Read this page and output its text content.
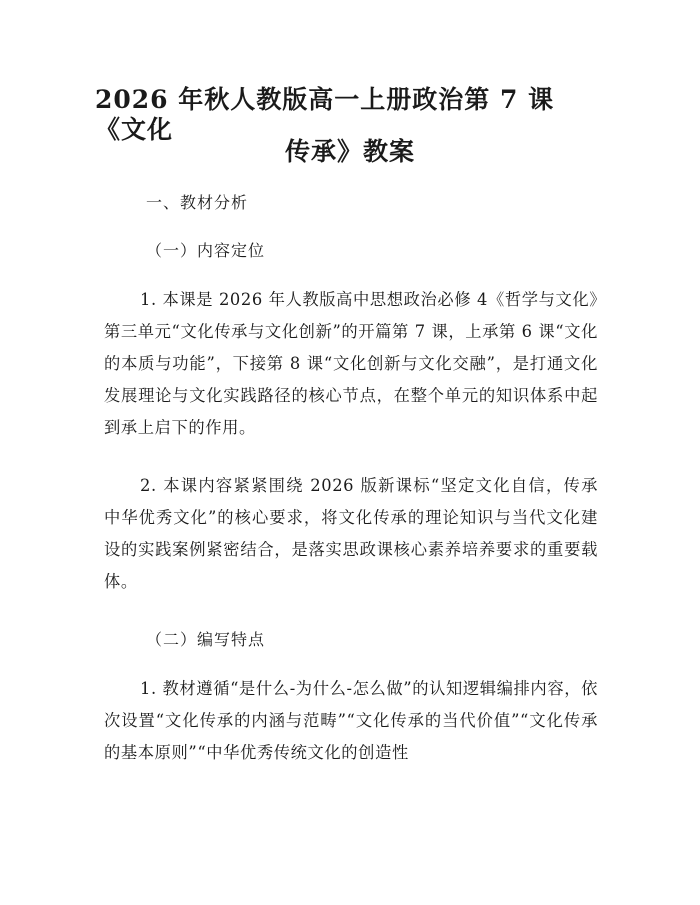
2026 年秋人教版高一上册政治第 7 课《文化
传承》教案

一、教材分析

（一）内容定位

1. 本课是 2026 年人教版高中思想政治必修 4《哲学与文化》第三单元“文化传承与文化创新”的开篇第 7 课，上承第 6 课“文化的本质与功能”，下接第 8 课“文化创新与文化交融”，是打通文化发展理论与文化实践路径的核心节点，在整个单元的知识体系中起到承上启下的作用。

2. 本课内容紧紧围绕 2026 版新课标“坚定文化自信，传承中华优秀文化”的核心要求，将文化传承的理论知识与当代文化建设的实践案例紧密结合，是落实思政课核心素养培养要求的重要载体。

（二）编写特点

1. 教材遵循“是什么-为什么-怎么做”的认知逻辑编排内容，依次设置“文化传承的内涵与范畴”“文化传承的当代价值”“文化传承的基本原则”“中华优秀传统文化的创造性
